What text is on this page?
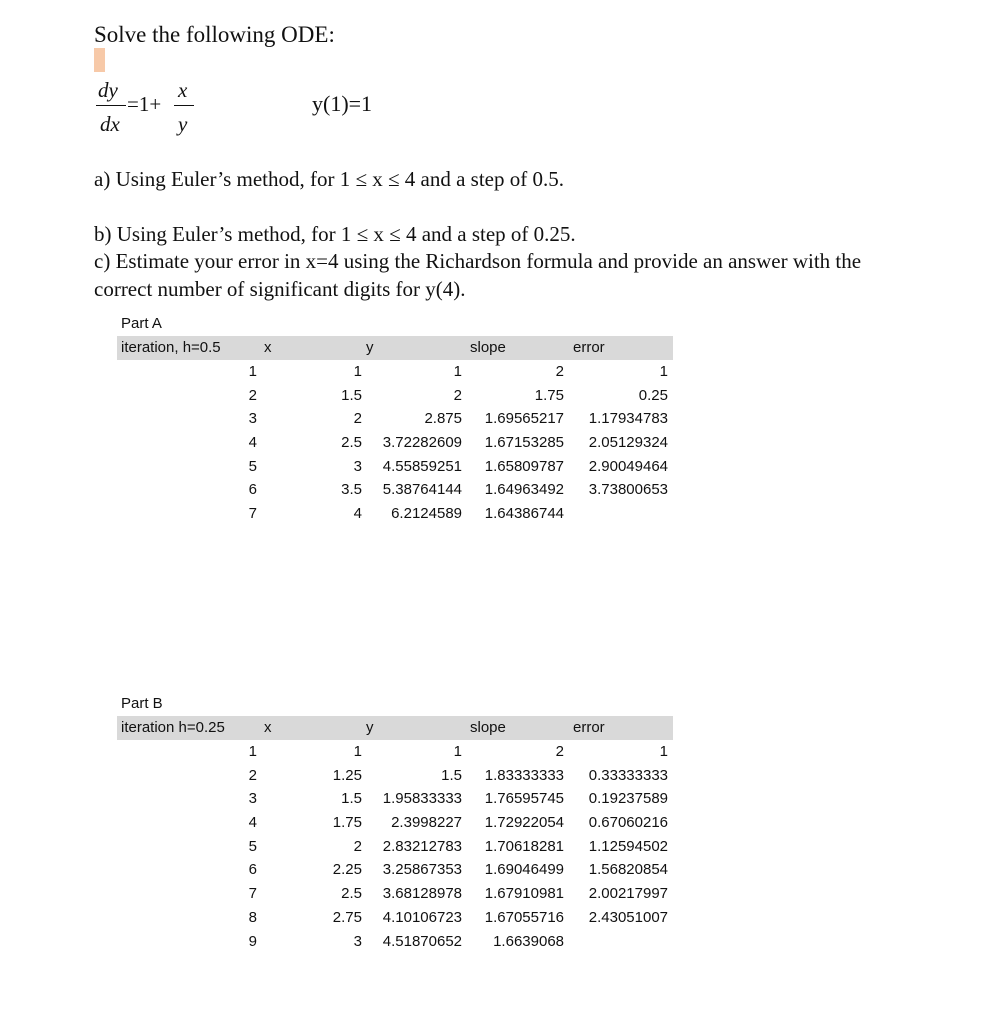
Solve the following ODE:
dy
dx
=1+
x
y
y(1)=1
a) Using Euler’s method, for 1 ≤ x ≤ 4 and a step of 0.5.
b) Using Euler’s method, for 1 ≤ x ≤ 4 and a step of 0.25.
c) Estimate your error in x=4 using the Richardson formula and provide an answer with the
correct number of significant digits for y(4).
Part A
iteration, h=0.5	x	y	slope	error
1	1	1	2	1
2	1.5	2	1.75	0.25
3	2	2.875 1.69565217 1.17934783
4	2.5 3.72282609 1.67153285 2.05129324
5	3 4.55859251 1.65809787 2.90049464
6	3.5 5.38764144 1.64963492 3.73800653
7	4 6.2124589 1.64386744
Part B
iteration h=0.25	x	y	slope	error
1	1	1	2	1
2	1.25	1.5 1.83333333 0.33333333
3	1.5 1.95833333 1.76595745 0.19237589
4	1.75 2.3998227 1.72922054 0.67060216
5	2 2.83212783 1.70618281 1.12594502
6	2.25 3.25867353 1.69046499 1.56820854
7	2.5 3.68128978 1.67910981 2.00217997
8	2.75 4.10106723 1.67055716 2.43051007
9	3 4.51870652 1.6639068
